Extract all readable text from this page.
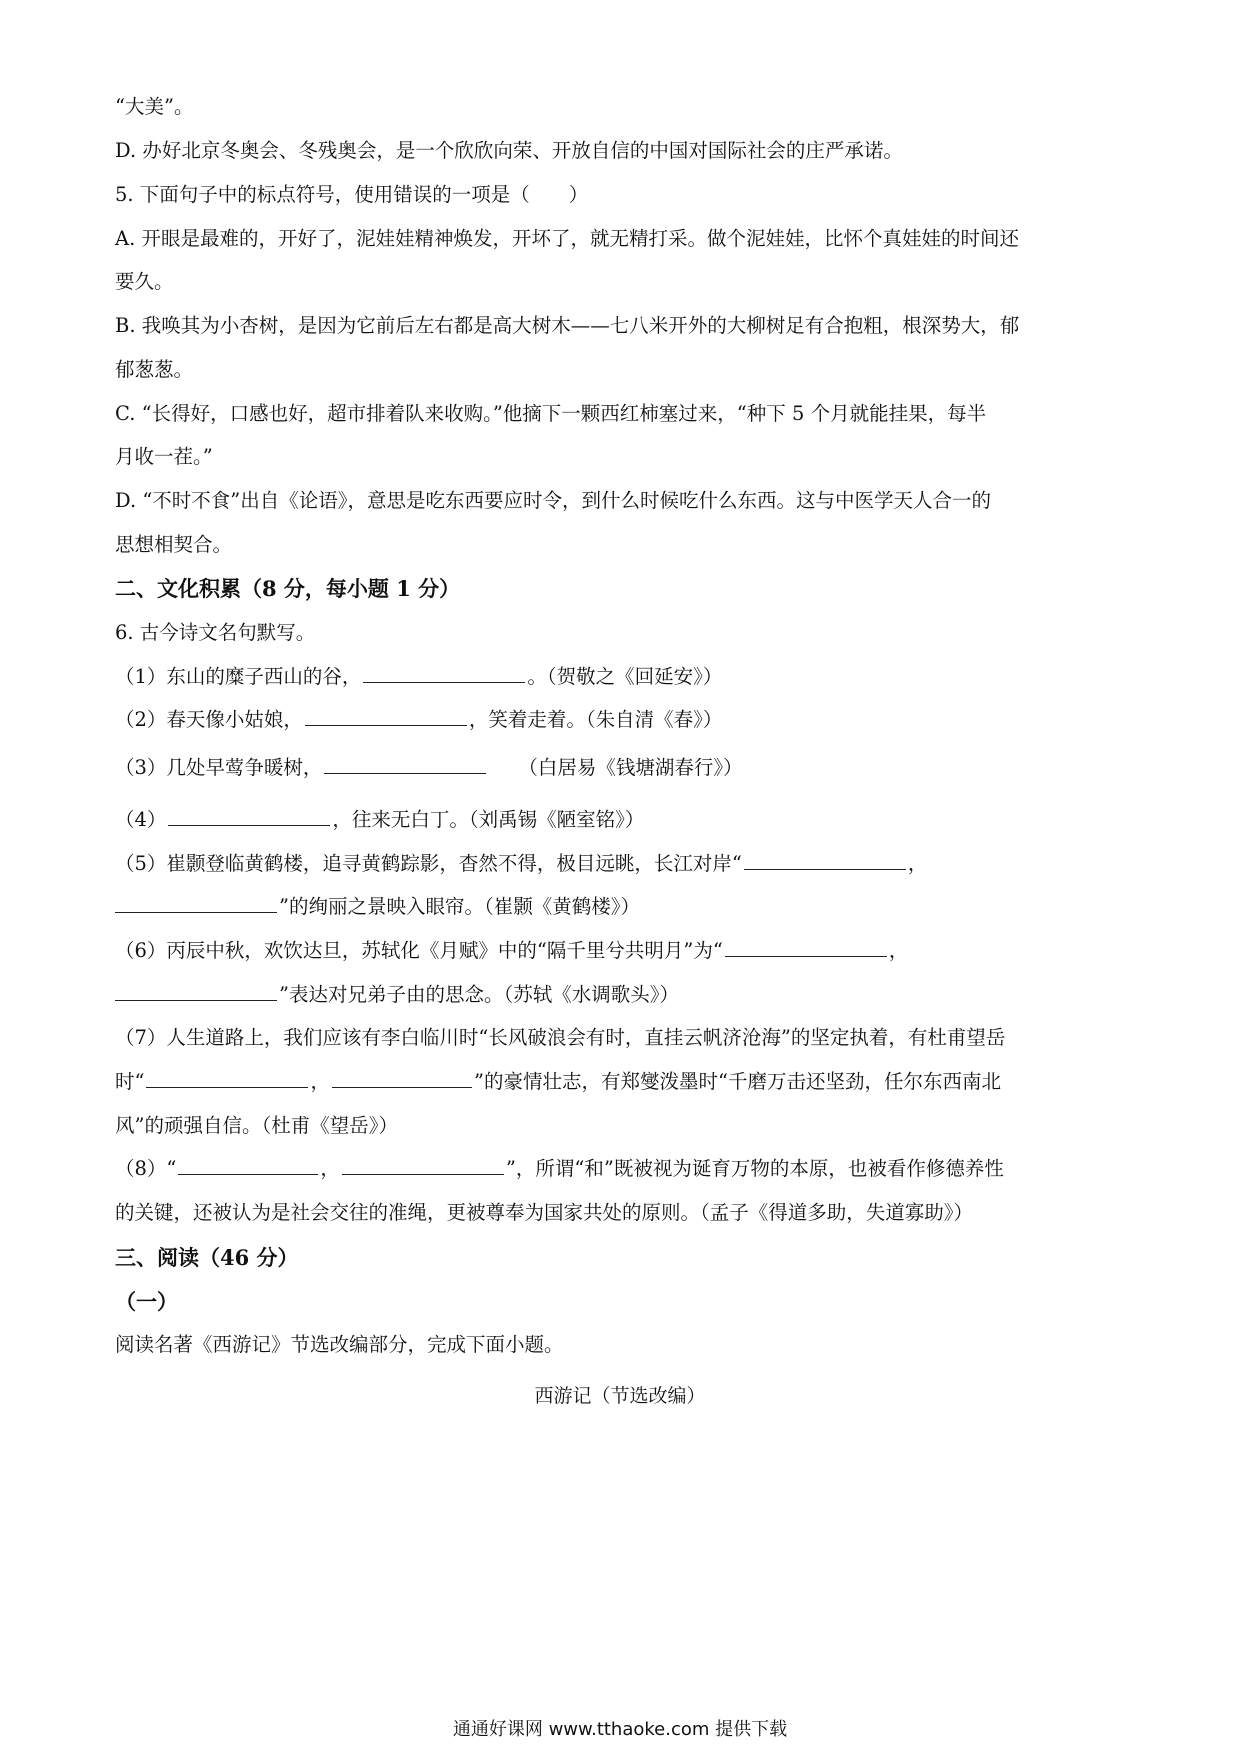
“大美”。
D. 办好北京冬奥会、冬残奥会，是一个欣欣向荣、开放自信的中国对国际社会的庄严承诺。
5. 下面句子中的标点符号，使用错误的一项是（　　）
A. 开眼是最难的，开好了，泥娃娃精神焕发，开坏了，就无精打采。做个泥娃娃，比怀个真娃娃的时间还
要久。
B. 我唤其为小杏树，是因为它前后左右都是高大树木——七八米开外的大柳树足有合抱粗，根深势大，郁
郁葱葱。
C. “长得好，口感也好，超市排着队来收购。”他摘下一颗西红柿塞过来，“种下 5 个月就能挂果，每半
月收一茬。”
D. “不时不食”出自《论语》，意思是吃东西要应时令，到什么时候吃什么东西。这与中医学天人合一的
思想相契合。
二、文化积累（8 分，每小题 1 分）
6. 古今诗文名句默写。
（1）东山的糜子西山的谷，	。（贺敬之《回延安》）
（2）春天像小姑娘，	，笑着走着。（朱自清《春》）
（3）几处早莺争暖树，	（白居易《钱塘湖春行》）
（4）	，往来无白丁。（刘禹锡《陋室铭》）
（5）崔颢登临黄鹤楼，追寻黄鹤踪影，杳然不得，极目远眺，长江对岸“	，
”的绚丽之景映入眼帘。（崔颢《黄鹤楼》）
（6）丙辰中秋，欢饮达旦，苏轼化《月赋》中的“隔千里兮共明月”为“	，
”表达对兄弟子由的思念。（苏轼《水调歌头》）
（7）人生道路上，我们应该有李白临川时“长风破浪会有时，直挂云帆济沧海”的坚定执着，有杜甫望岳
时“	，	”的豪情壮志，有郑燮泼墨时“千磨万击还坚劲，任尔东西南北
风”的顽强自信。（杜甫《望岳》）
（8）“	，	”，所谓“和”既被视为诞育万物的本原，也被看作修德养性
的关键，还被认为是社会交往的准绳，更被尊奉为国家共处的原则。（孟子《得道多助，失道寡助》）
三、阅读（46 分）
（一）
阅读名著《西游记》节选改编部分，完成下面小题。
西游记（节选改编）
通通好课网 www.tthaoke.com 提供下载
